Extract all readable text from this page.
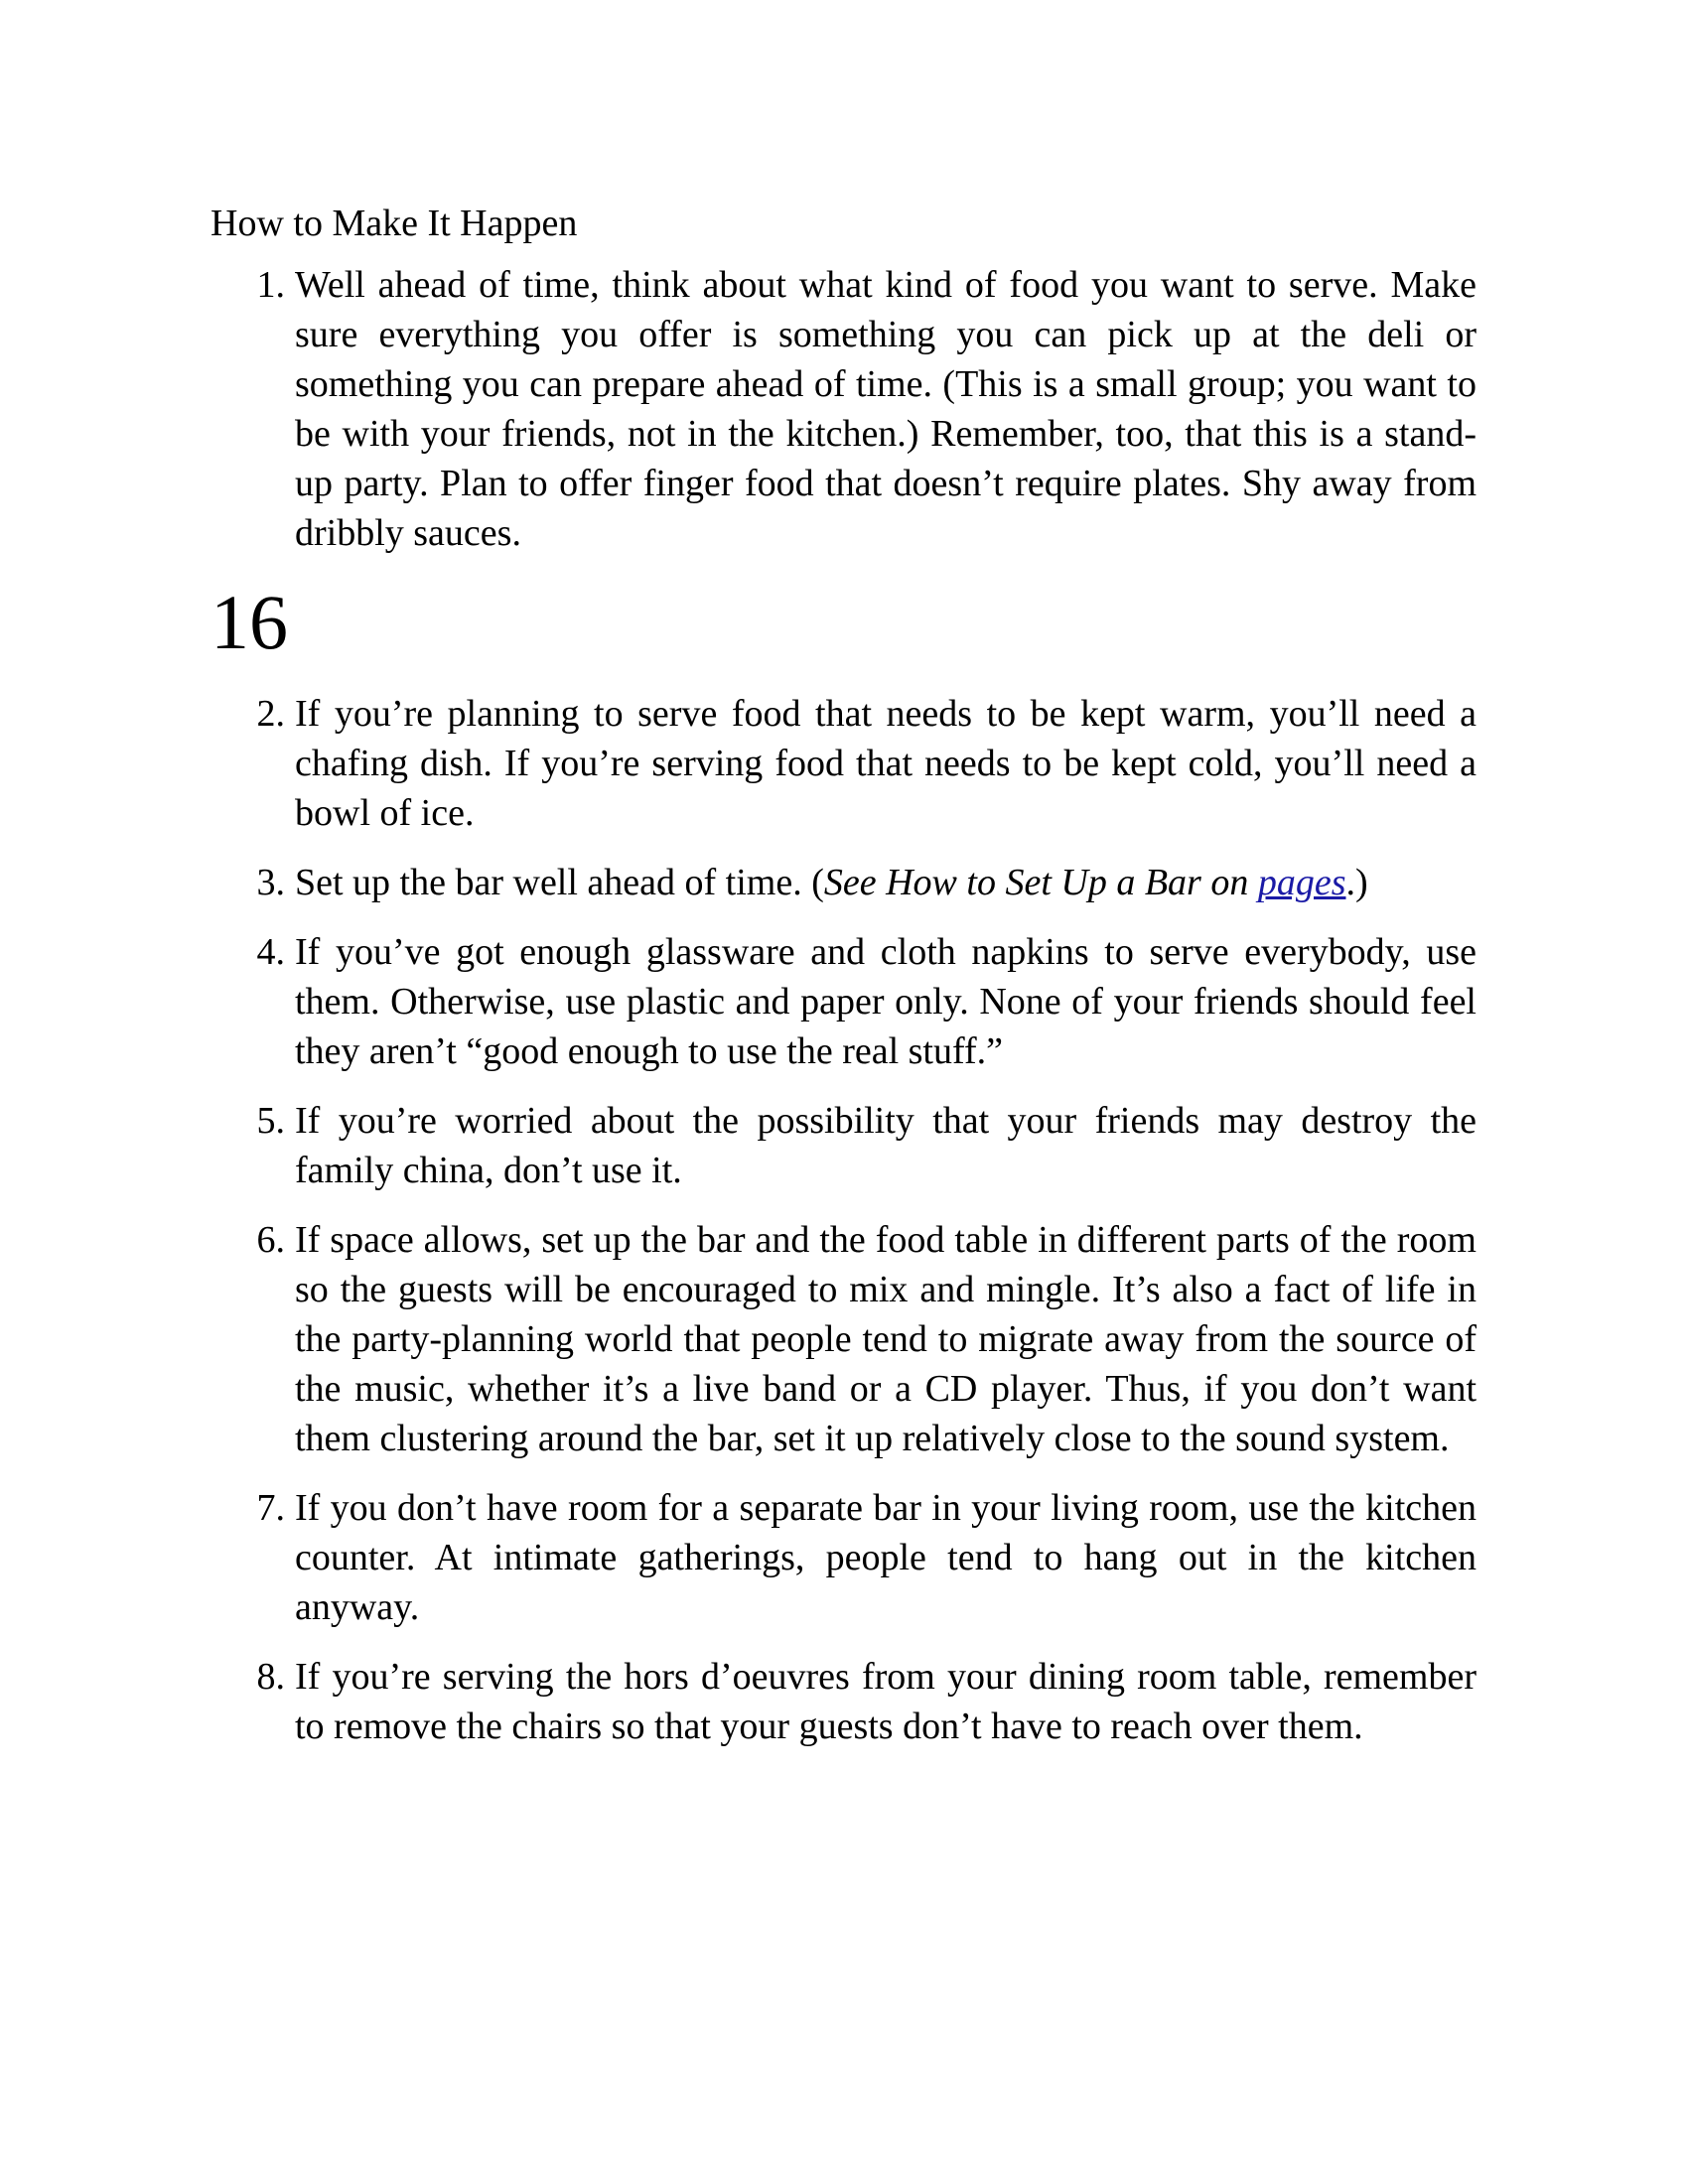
How to Make It Happen
1. Well ahead of time, think about what kind of food you want to serve. Make sure everything you offer is something you can pick up at the deli or something you can prepare ahead of time. (This is a small group; you want to be with your friends, not in the kitchen.) Remember, too, that this is a stand-up party. Plan to offer finger food that doesn’t require plates. Shy away from dribbly sauces.
16
2. If you’re planning to serve food that needs to be kept warm, you’ll need a chafing dish. If you’re serving food that needs to be kept cold, you’ll need a bowl of ice.
3. Set up the bar well ahead of time. (See How to Set Up a Bar on pages.)
4. If you’ve got enough glassware and cloth napkins to serve everybody, use them. Otherwise, use plastic and paper only. None of your friends should feel they aren’t “good enough to use the real stuff.”
5. If you’re worried about the possibility that your friends may destroy the family china, don’t use it.
6. If space allows, set up the bar and the food table in different parts of the room so the guests will be encouraged to mix and mingle. It’s also a fact of life in the party-planning world that people tend to migrate away from the source of the music, whether it’s a live band or a CD player. Thus, if you don’t want them clustering around the bar, set it up relatively close to the sound system.
7. If you don’t have room for a separate bar in your living room, use the kitchen counter. At intimate gatherings, people tend to hang out in the kitchen anyway.
8. If you’re serving the hors d’oeuvres from your dining room table, remember to remove the chairs so that your guests don’t have to reach over them.
